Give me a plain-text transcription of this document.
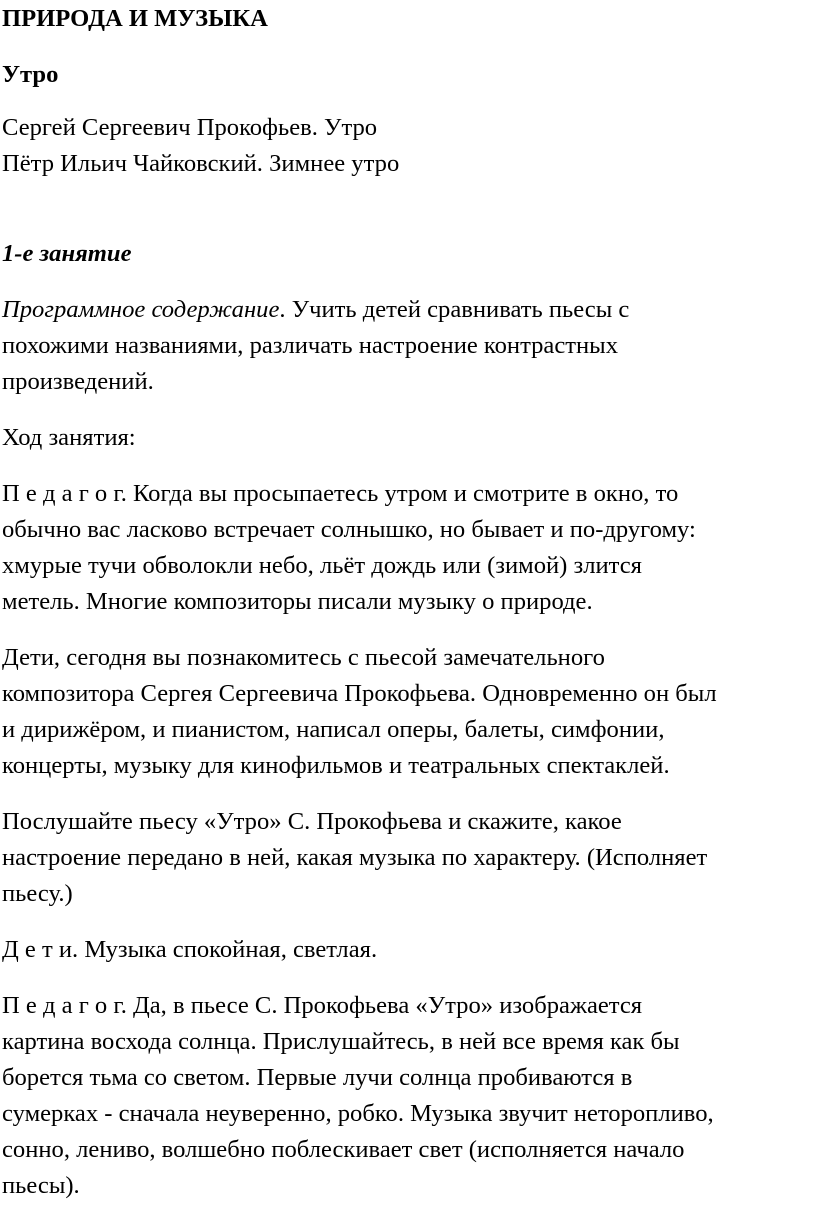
ПРИРОДА И МУЗЫКА
Утро
Сергей Сергеевич Прокофьев. Утро
Пётр Ильич Чайковский. Зимнее утро
1-е занятие
Программное содержание. Учить детей сравнивать пьесы с
похожими названиями, различать настроение контрастных
произведений.
Ход занятия:
П е д а г о г. Когда вы просыпаетесь утром и смотрите в окно, то
обычно вас ласково встречает солнышко, но бывает и по-другому:
хмурые тучи обволокли небо, льёт дождь или (зимой) злится
метель. Многие композиторы писали музыку о природе.
Дети, сегодня вы познакомитесь с пьесой замечательного
композитора Сергея Сергеевича Прокофьева. Одновременно он был
и дирижёром, и пианистом, написал оперы, балеты, симфонии,
концерты, музыку для кинофильмов и театральных спектаклей.
Послушайте пьесу «Утро» С. Прокофьева и скажите, какое
настроение передано в ней, какая музыка по характеру. (Исполняет
пьесу.)
Д е т и. Музыка спокойная, светлая.
П е д а г о г. Да, в пьесе С. Прокофьева «Утро» изображается
картина восхода солнца. Прислушайтесь, в ней все время как бы
борется тьма со светом. Первые лучи солнца пробиваются в
сумерках - сначала неуверенно, робко. Музыка звучит неторопливо,
сонно, лениво, волшебно поблескивает свет (исполняется начало
пьесы).
